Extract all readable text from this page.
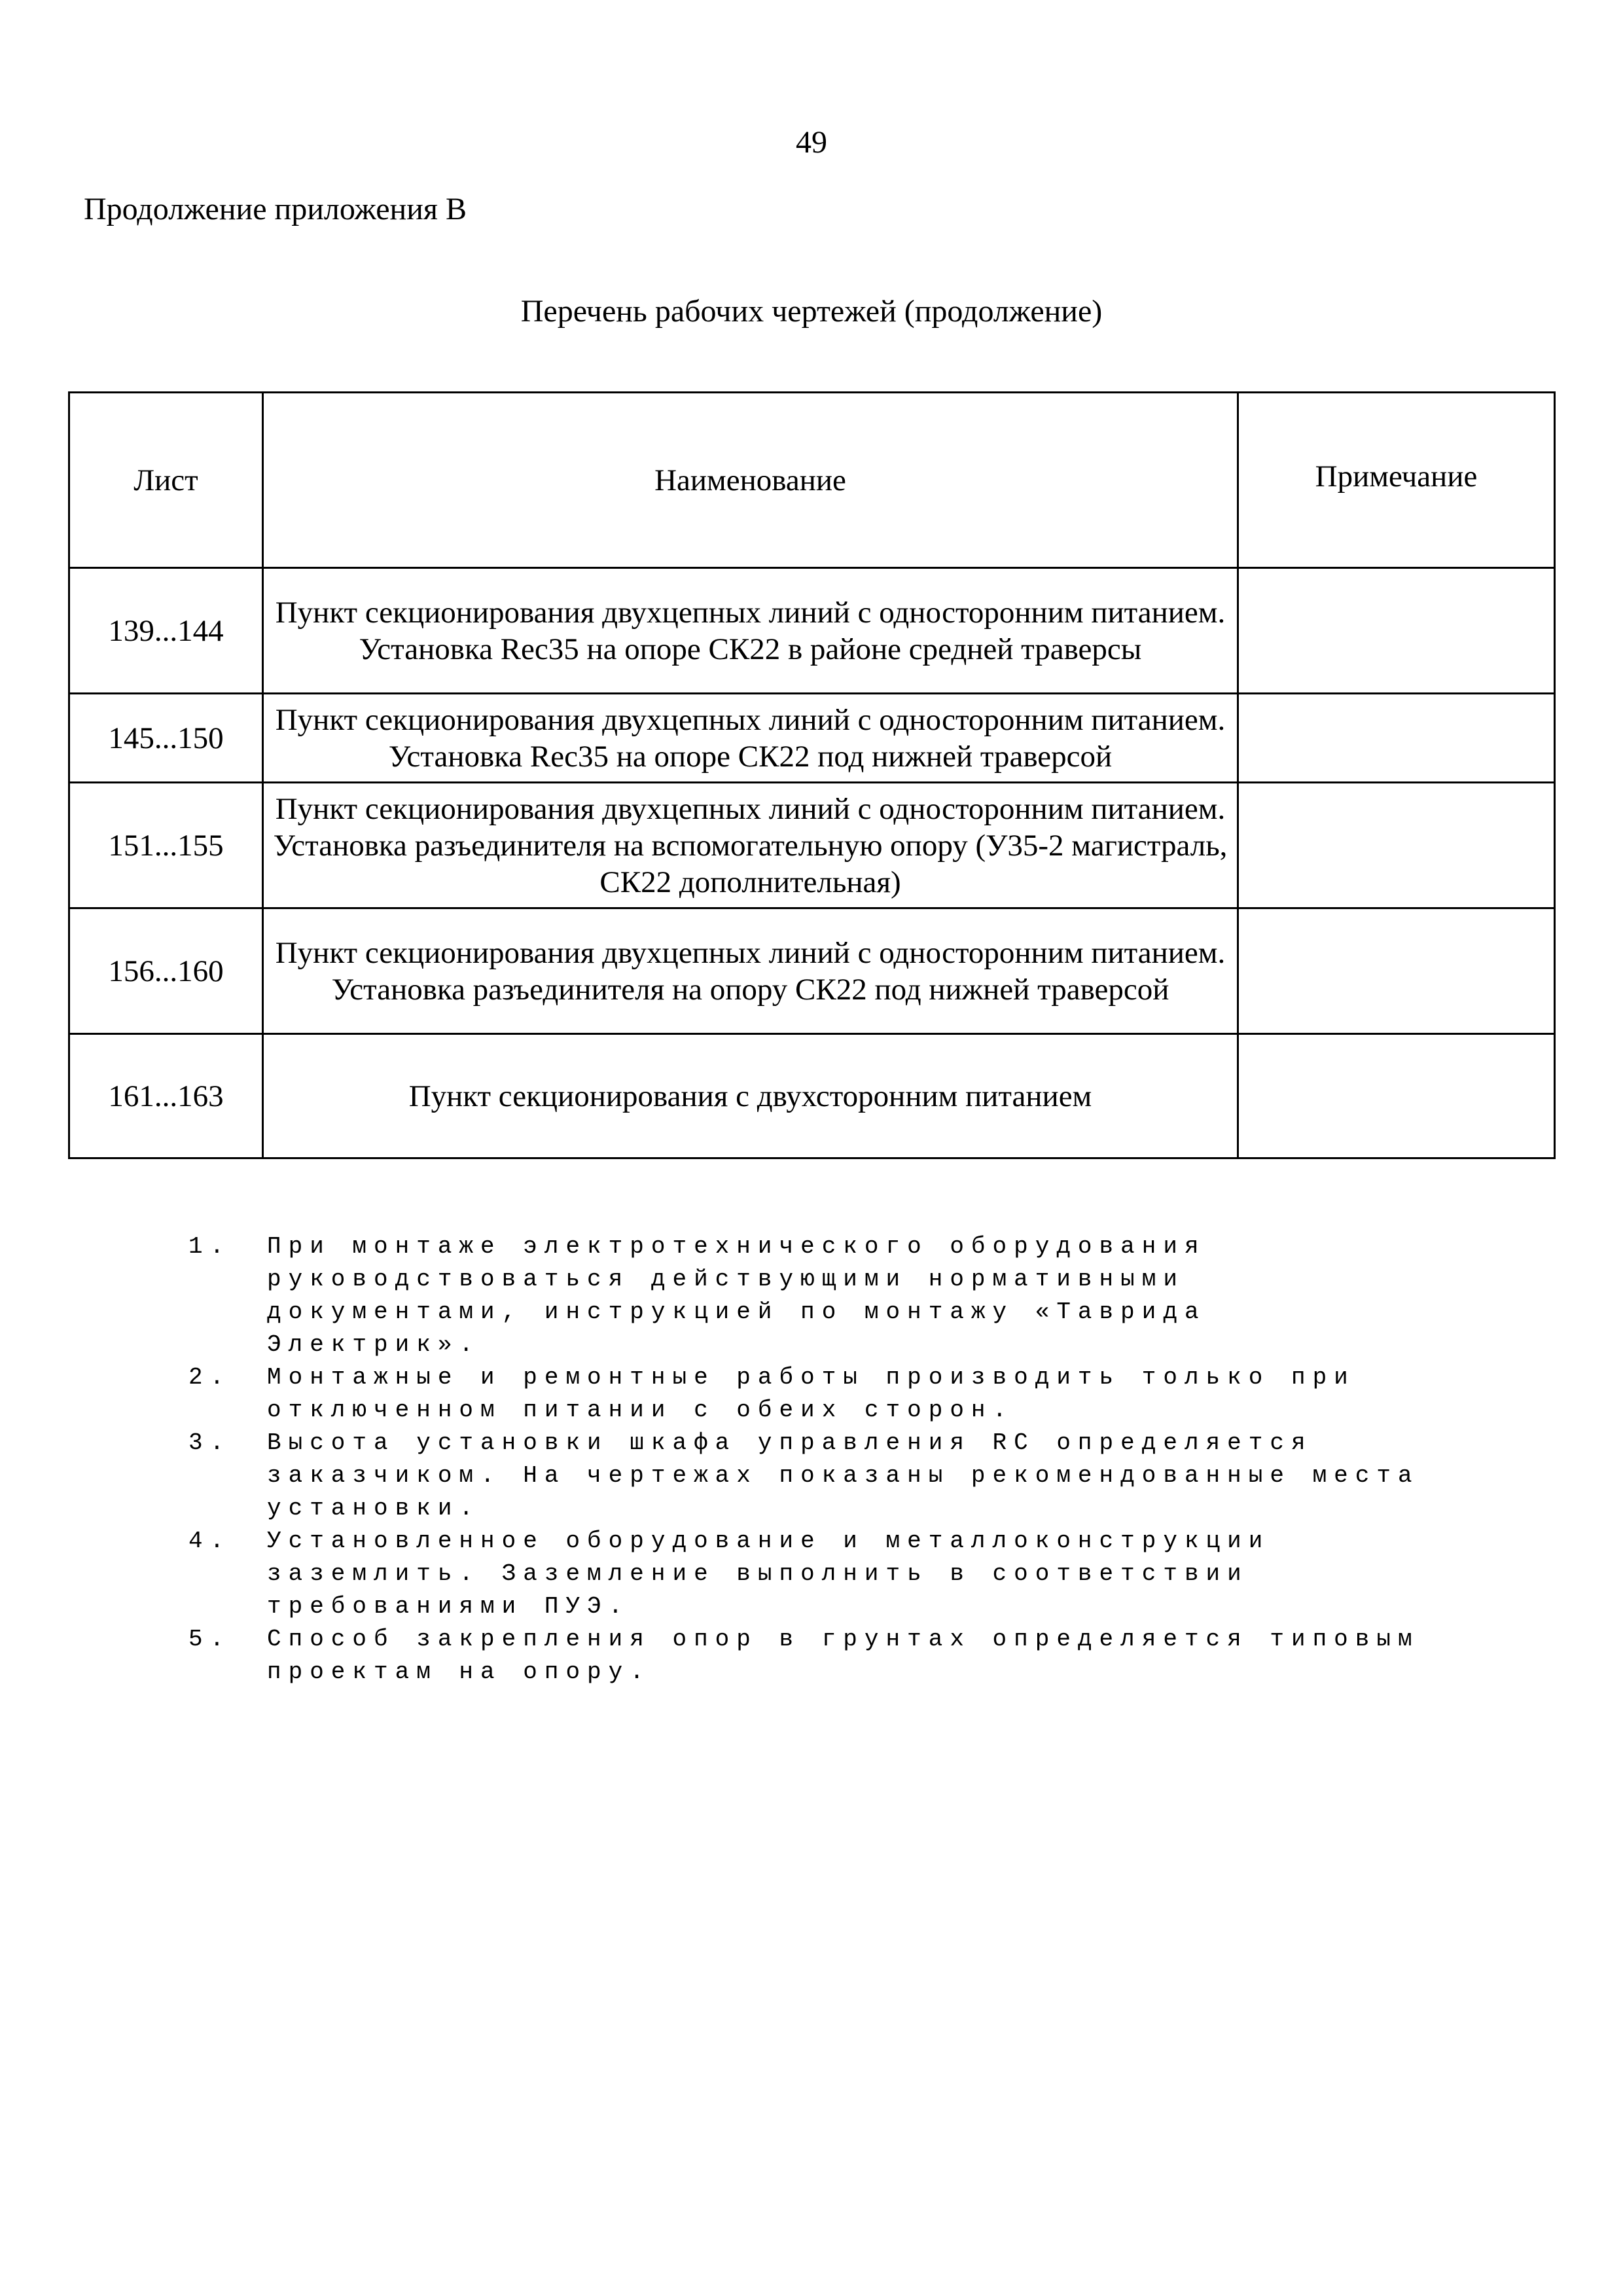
49
Продолжение приложения В
Перечень рабочих чертежей (продолжение)
Лист	Наименование	Примечание
139...144	Пункт секционирования двухцепных линий с односторонним питанием. Установка Rec35 на опоре СК22 в районе средней траверсы	
145...150	Пункт секционирования двухцепных линий с односторонним питанием. Установка Rec35 на опоре СК22 под нижней траверсой	
151...155	Пункт секционирования двухцепных линий с односторонним питанием. Установка разъединителя на вспомогательную опору (У35-2 магистраль, СК22 дополнительная)	
156...160	Пункт секционирования двухцепных линий с односторонним питанием. Установка разъединителя на опору СК22 под нижней траверсой	
161...163	Пункт секционирования с двухсторонним питанием	
1. При монтаже электротехнического оборудования руководствоваться действующими нормативными документами, инструкцией по монтажу «Таврида Электрик».
2. Монтажные и ремонтные работы производить только при отключенном питании с обеих сторон.
3. Высота установки шкафа управления RC определяется заказчиком. На чертежах показаны рекомендованные места установки.
4. Установленное оборудование и металлоконструкции заземлить. Заземление выполнить в соответствии требованиями ПУЭ.
5. Способ закрепления опор в грунтах определяется типовым проектам на опору.
